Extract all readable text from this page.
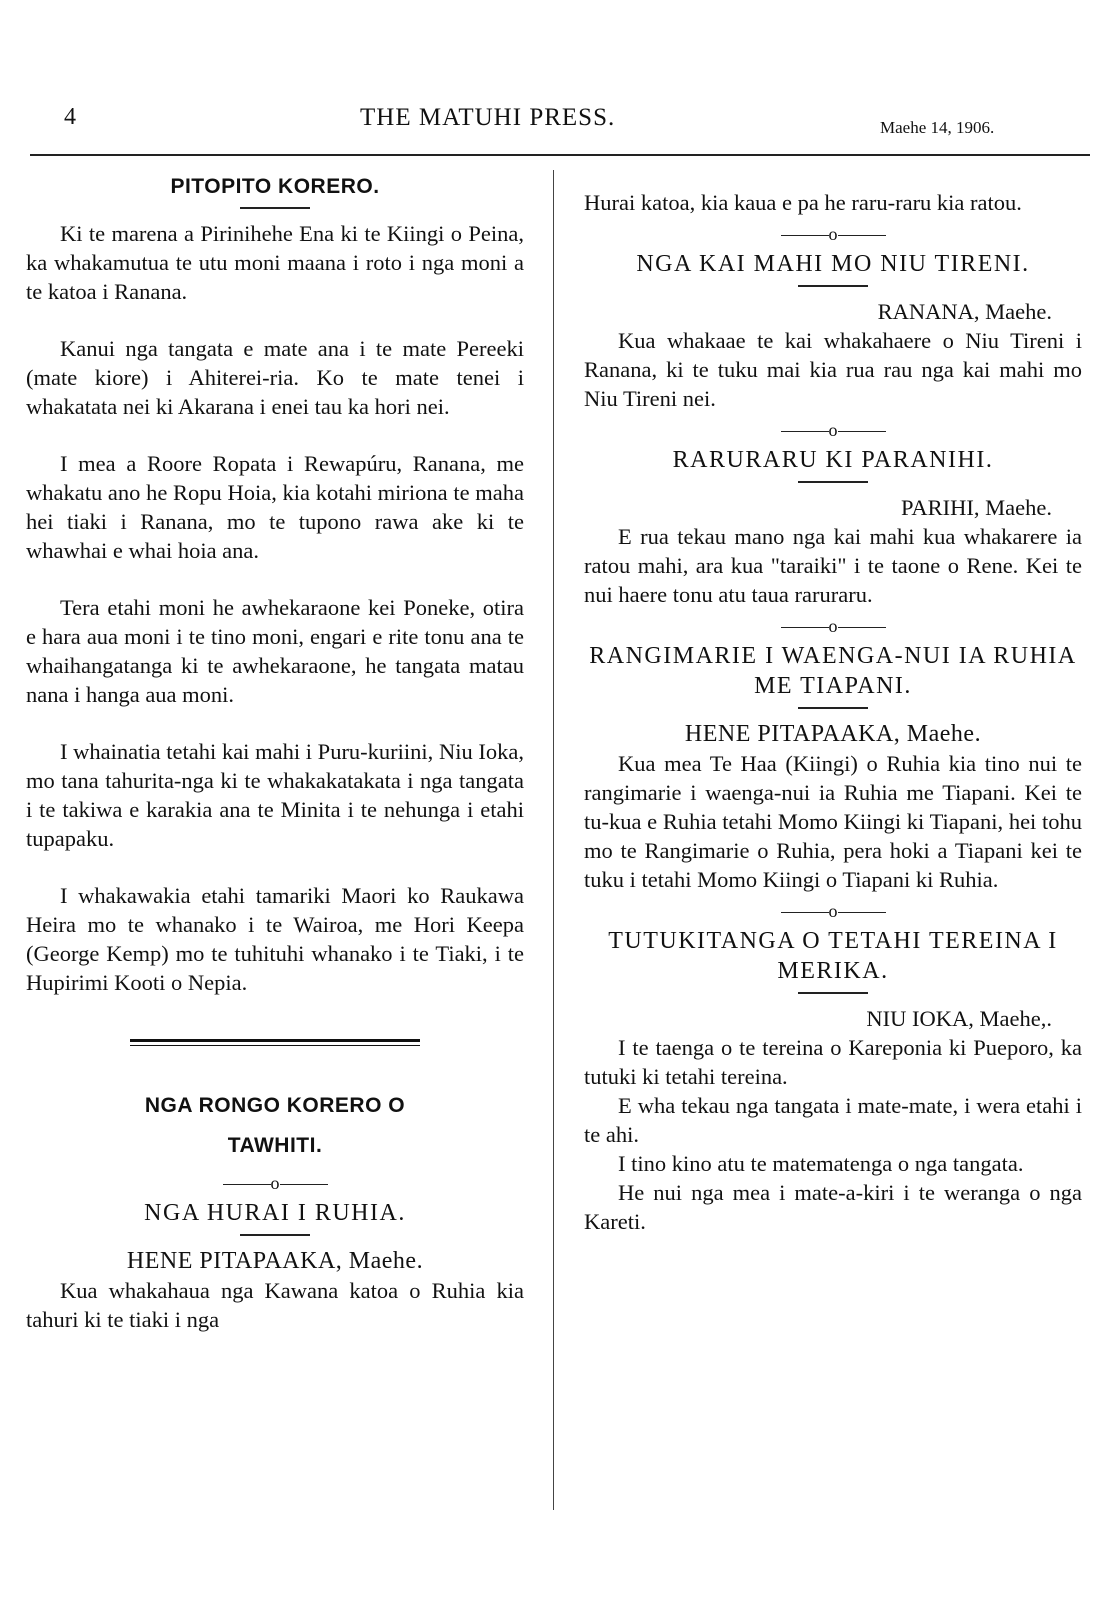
4	THE MATUHI PRESS.	Maehe 14, 1906.

PITOPITO KORERO.

Ki te marena a Pirinihehe Ena ki te Kiingi o Peina, ka whakamutua te utu moni maana i roto i nga moni a te katoa i Ranana.

Kanui nga tangata e mate ana i te mate Pereeki (mate kiore) i Ahiterei-ria. Ko te mate tenei i whakatata nei ki Akarana i enei tau ka hori nei.

I mea a Roore Ropata i Rewapúru, Ranana, me whakatu ano he Ropu Hoia, kia kotahi miriona te maha hei tiaki i Ranana, mo te tupono rawa ake ki te whawhai e whai hoia ana.

Tera etahi moni he awhekaraone kei Poneke, otira e hara aua moni i te tino moni, engari e rite tonu ana te whaihangatanga ki te awhekaraone, he tangata matau nana i hanga aua moni.

I whainatia tetahi kai mahi i Puru-kuriini, Niu Ioka, mo tana tahurita-nga ki te whakakatakata i nga tangata i te takiwa e karakia ana te Minita i te nehunga i etahi tupapaku.

I whakawakia etahi tamariki Maori ko Raukawa Heira mo te whanako i te Wairoa, me Hori Keepa (George Kemp) mo te tuhituhi whanako i te Tiaki, i te Hupirimi Kooti o Nepia.

NGA RONGO KORERO O

TAWHITI.

o

NGA HURAI I RUHIA.

HENE PITAPAAKA, Maehe.

Kua whakahaua nga Kawana katoa o Ruhia kia tahuri ki te tiaki i nga

Hurai katoa, kia kaua e pa he raru-raru kia ratou.

o

NGA KAI MAHI MO NIU TIRENI.

RANANA, Maehe.

Kua whakaae te kai whakahaere o Niu Tireni i Ranana, ki te tuku mai kia rua rau nga kai mahi mo Niu Tireni nei.

o

RARURARU KI PARANIHI.

PARIHI, Maehe.

E rua tekau mano nga kai mahi kua whakarere ia ratou mahi, ara kua "taraiki" i te taone o Rene. Kei te nui haere tonu atu taua raruraru.

o

RANGIMARIE I WAENGA-NUI IA RUHIA ME TIAPANI.

HENE PITAPAAKA, Maehe.

Kua mea Te Haa (Kiingi) o Ruhia kia tino nui te rangimarie i waenga-nui ia Ruhia me Tiapani. Kei te tu-kua e Ruhia tetahi Momo Kiingi ki Tiapani, hei tohu mo te Rangimarie o Ruhia, pera hoki a Tiapani kei te tuku i tetahi Momo Kiingi o Tiapani ki Ruhia.

o

TUTUKITANGA O TETAHI TEREINA I MERIKA.

NIU IOKA, Maehe,.

I te taenga o te tereina o Kareponia ki Pueporo, ka tutuki ki tetahi tereina.

E wha tekau nga tangata i mate-mate, i wera etahi i te ahi.

I tino kino atu te matematenga o nga tangata.

He nui nga mea i mate-a-kiri i te weranga o nga Kareti.
